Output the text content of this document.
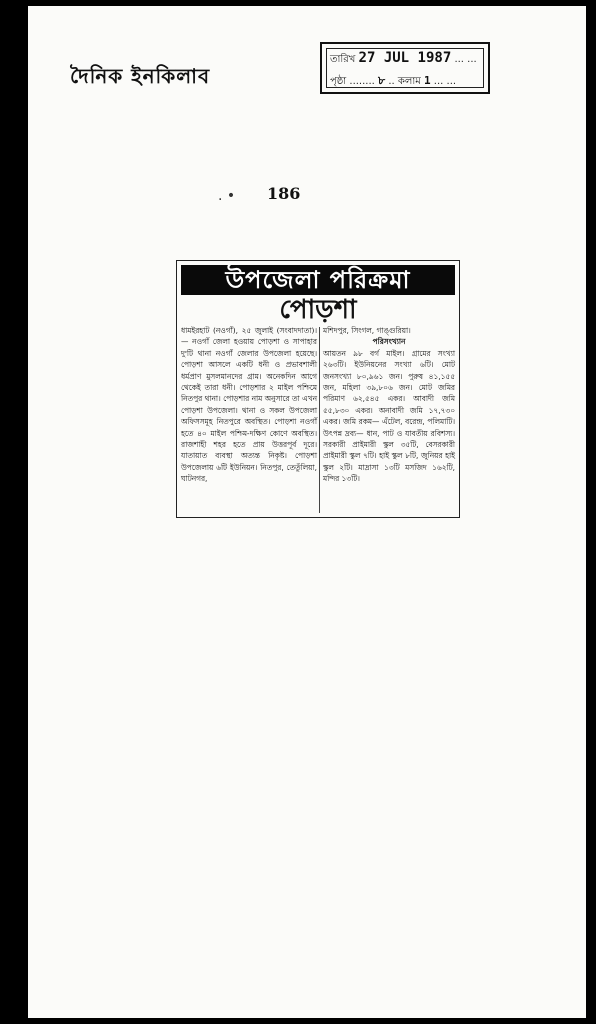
দৈনিক ইনকিলাব
তারিখ 27 JUL 1987 ... ...
পৃষ্ঠা ........ ৮ .. কলাম 1 ... ...
. • 186
উপজেলা পরিক্রমা
পোড়শা

ধামইরহাট (নওগাঁ), ২৫ জুলাই (সংবাদদাতা)।— নওগাঁ জেলা হওয়ায় পোড়শা ও সাপাহার দু'টি থানা নওগাঁ জেলার উপজেলা হয়েছে। পোড়শা আসলে একটি ধনী ও প্রভাবশালী ধর্মপ্রাণ মুসলমানদের গ্রাম। অনেকদিন আগে থেকেই তারা ধনী। পোড়শার ২ মাইল পশ্চিমে নিতপুর থানা। পোড়শার নাম অনুসারে তা এখন পোড়শা উপজেলা। থানা ও সকল উপজেলা অফিসসমূহ নিতপুরে অবস্থিত। পোড়শা নওগাঁ হতে ৪০ মাইল পশ্চিম-দক্ষিণ কোণে অবস্থিত। রাজশাহী শহর হতে প্রায় উত্তরপূর্ব দূরে। যাতায়াত ব্যবস্থা অত্যন্ত নিকৃষ্ট। পোড়শা উপজেলায় ৬টি ইউনিয়ন। নিতপুর, তেতুঁলিয়া, ঘাটনগর,

মশিদপুর, সিংগল, গাঙ্গুরিয়া।

পরিসংখ্যান

আয়তন ৯৮ বর্গ মাইল। গ্রামের সংখ্যা ২৬৩টি। ইউনিয়নের সংখ্যা ৬টি। মোট জনসংখ্যা ৮০,৯৬১ জন। পুরুষ ৪১,১৫৫ জন, মহিলা ৩৯,৮০৬ জন। মোট জমির পরিমাণ ৬২,৫৪৫ একর। আবাদী জমি ৫৫,৮৩০ একর। অনাবাদী জমি ১৭,৭৩০ একর। জমি রকম— এঁটেল, বরেন্দ্র, পলিমাটি। উৎপন্ন দ্রব্য— ধান, পাট ও যাবতীয় রবিশস্য। সরকারী প্রাইমারী স্কুল ৩৫টি, বেসরকারী প্রাইমারী স্কুল ৭টি। হাই স্কুল ৮টি, জুনিয়র হাই স্কুল ২টি। মাদ্রাসা ১৩টি মসজিদ ১৬২টি, মন্দির ১৩টি।
